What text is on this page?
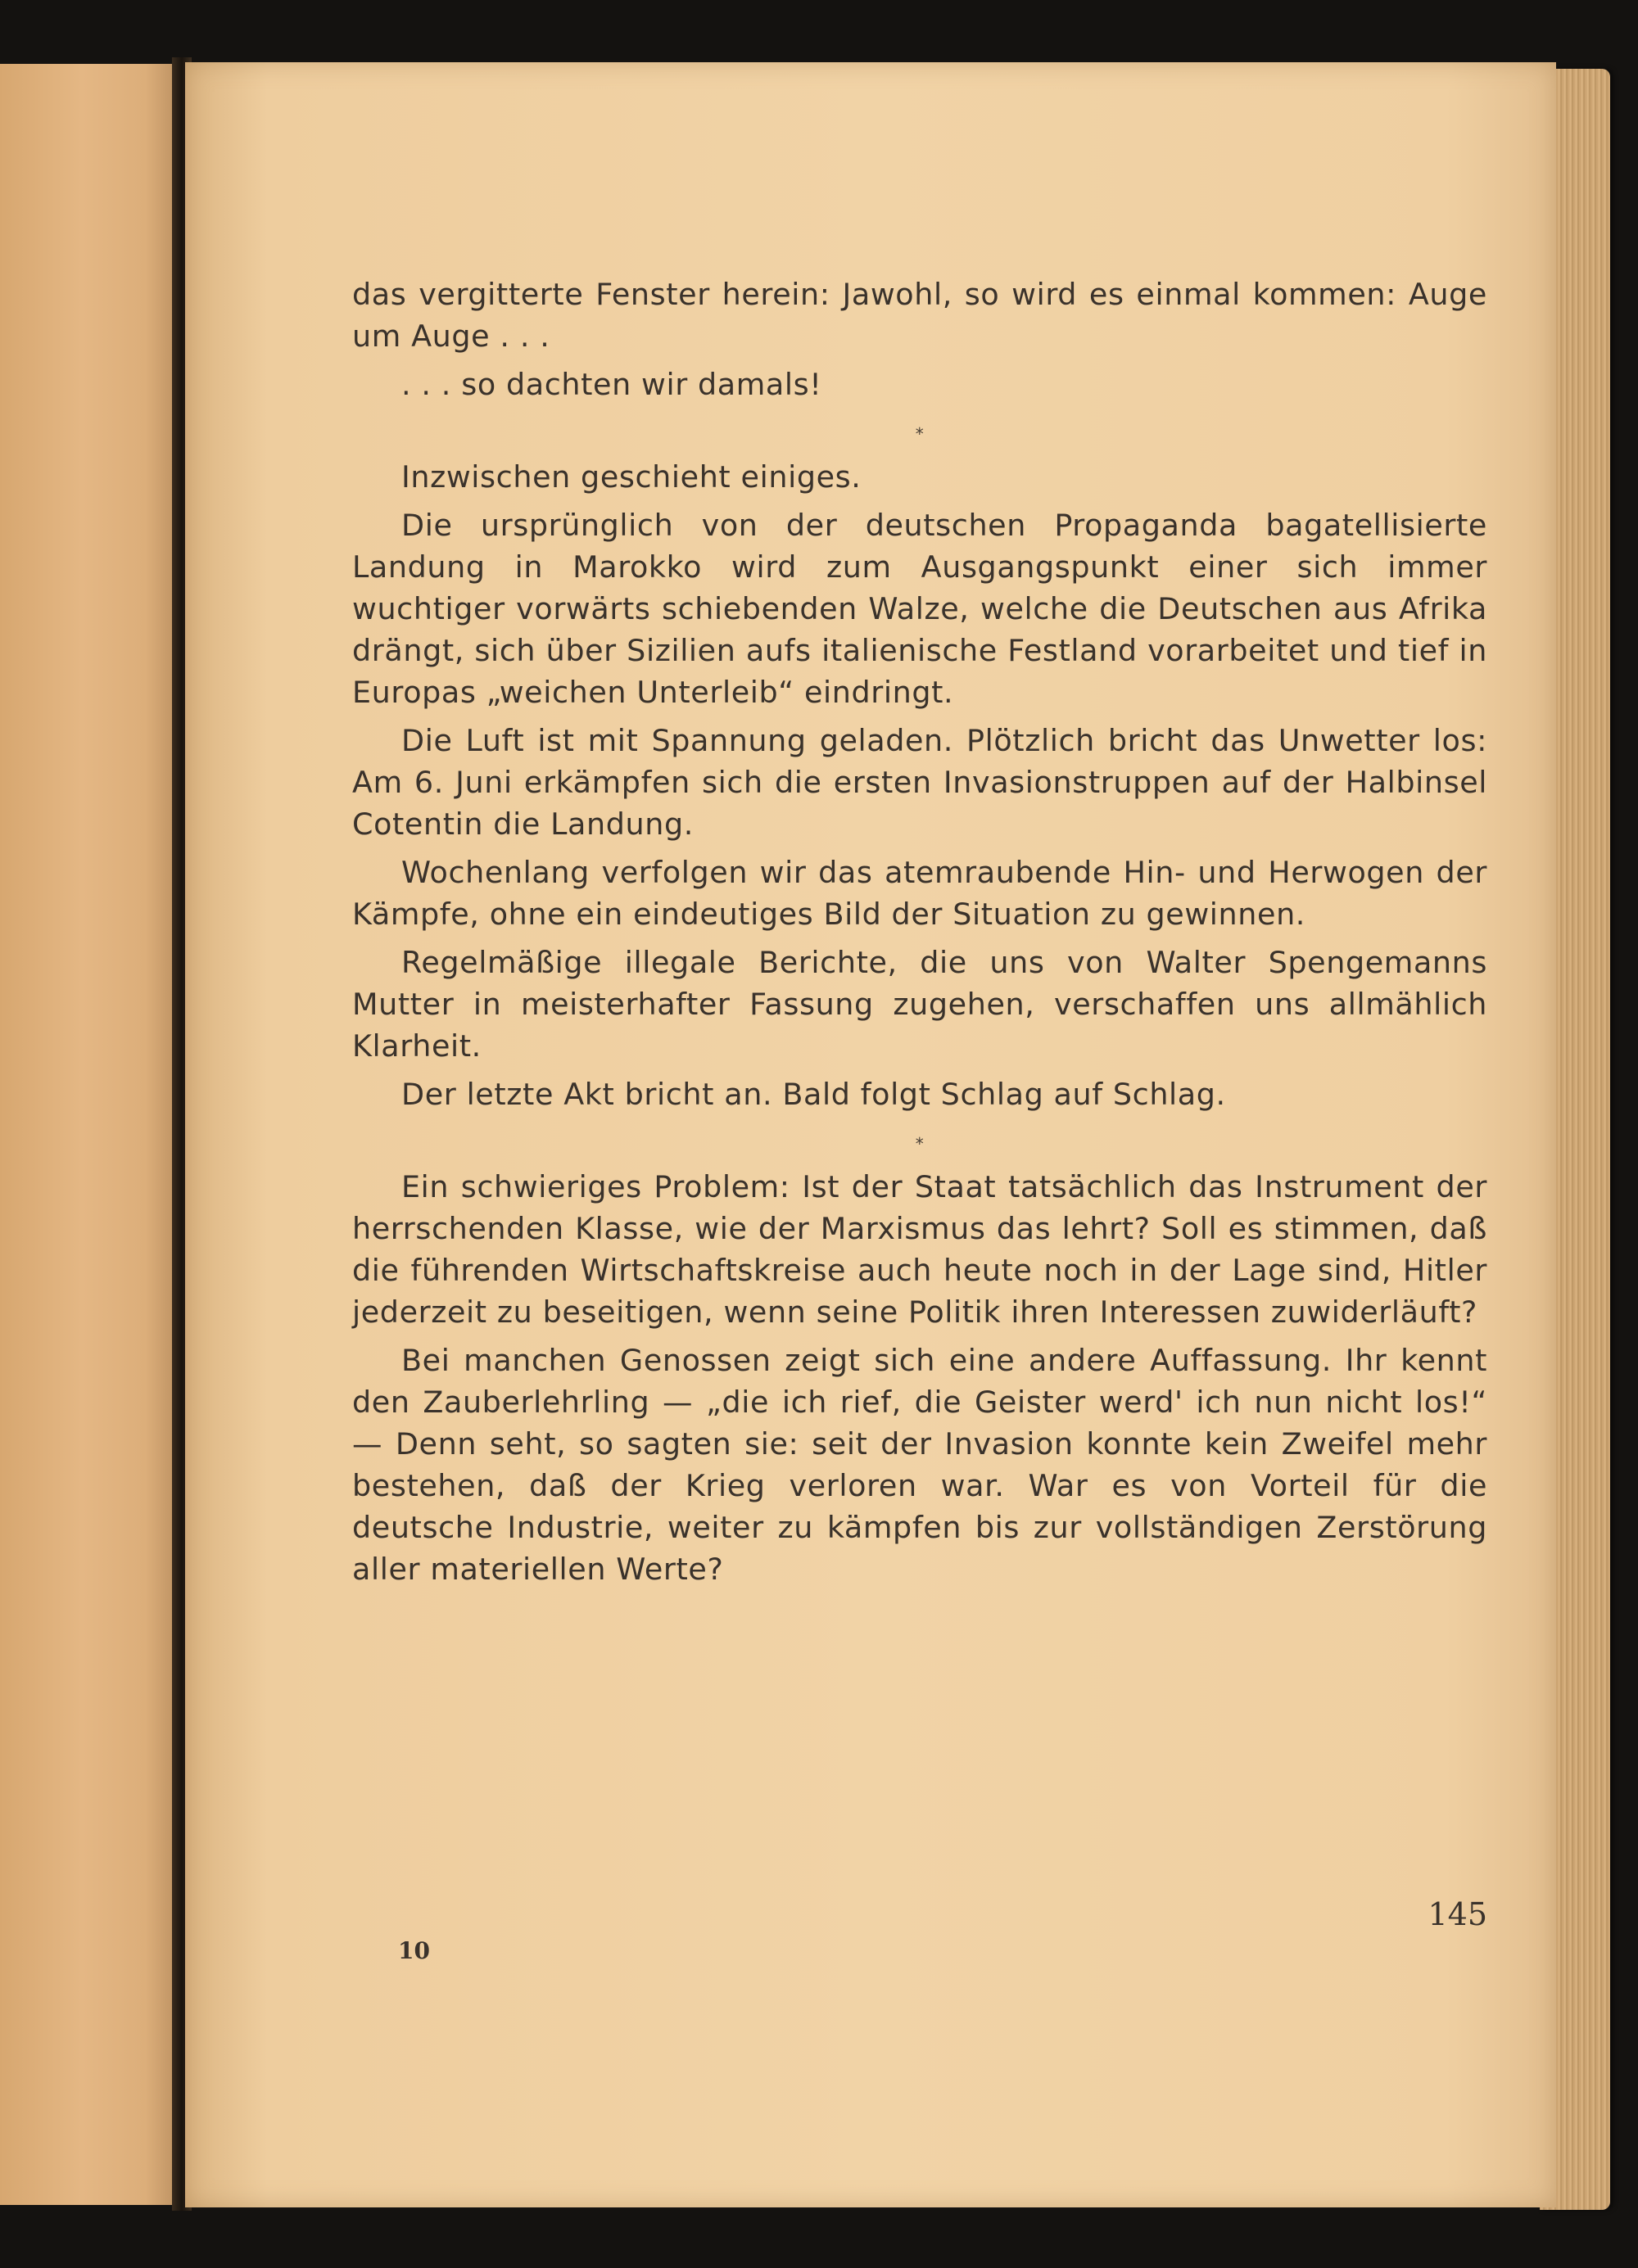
das vergitterte Fenster herein: Jawohl, so wird es einmal kommen: Auge um Auge . . .

. . . so dachten wir damals!

*

Inzwischen geschieht einiges.

Die ursprünglich von der deutschen Propaganda bagatellisierte Landung in Marokko wird zum Ausgangspunkt einer sich immer wuchtiger vorwärts schiebenden Walze, welche die Deutschen aus Afrika drängt, sich über Sizilien aufs italienische Festland vorarbeitet und tief in Europas „weichen Unterleib“ eindringt.

Die Luft ist mit Spannung geladen. Plötzlich bricht das Unwetter los: Am 6. Juni erkämpfen sich die ersten Invasionstruppen auf der Halbinsel Cotentin die Landung.

Wochenlang verfolgen wir das atemraubende Hin- und Herwogen der Kämpfe, ohne ein eindeutiges Bild der Situation zu gewinnen.

Regelmäßige illegale Berichte, die uns von Walter Spengemanns Mutter in meisterhafter Fassung zugehen, verschaffen uns allmählich Klarheit.

Der letzte Akt bricht an. Bald folgt Schlag auf Schlag.

*

Ein schwieriges Problem: Ist der Staat tatsächlich das Instrument der herrschenden Klasse, wie der Marxismus das lehrt? Soll es stimmen, daß die führenden Wirtschaftskreise auch heute noch in der Lage sind, Hitler jederzeit zu beseitigen, wenn seine Politik ihren Interessen zuwiderläuft?

Bei manchen Genossen zeigt sich eine andere Auffassung. Ihr kennt den Zauberlehrling — „die ich rief, die Geister werd' ich nun nicht los!“ — Denn seht, so sagten sie: seit der Invasion konnte kein Zweifel mehr bestehen, daß der Krieg verloren war. War es von Vorteil für die deutsche Industrie, weiter zu kämpfen bis zur vollständigen Zerstörung aller materiellen Werte?

145
10
